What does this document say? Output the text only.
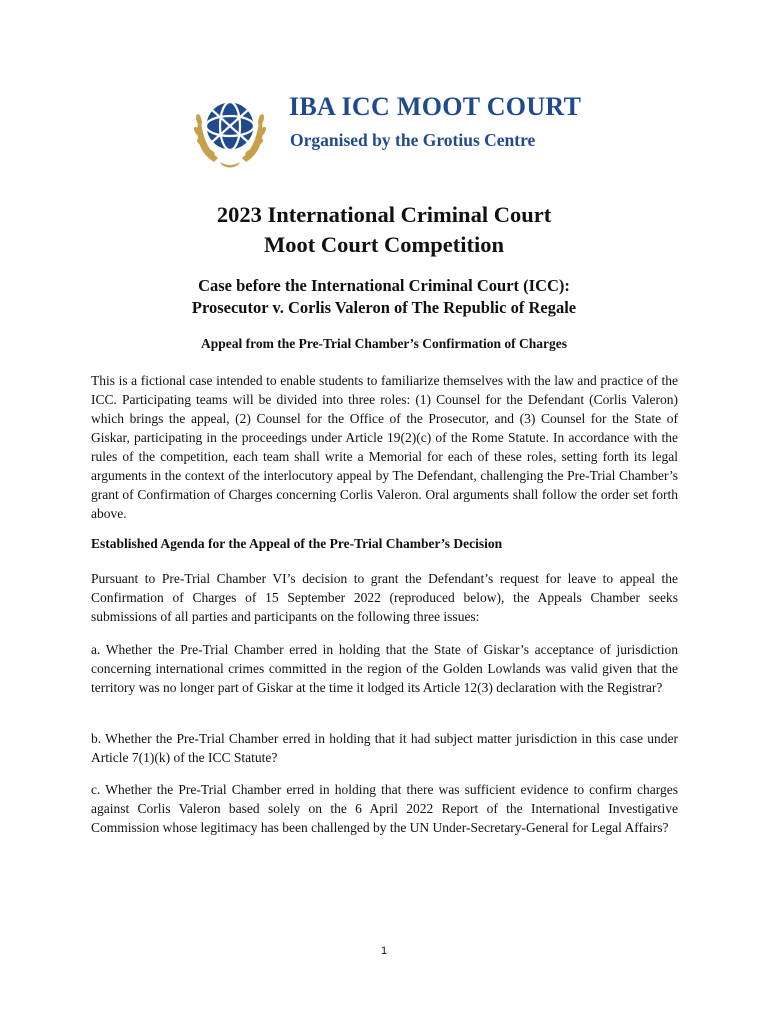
IBA ICC MOOT COURT
Organised by the Grotius Centre
2023 International Criminal Court
Moot Court Competition
Case before the International Criminal Court (ICC):
Prosecutor v. Corlis Valeron of The Republic of Regale
Appeal from the Pre-Trial Chamber’s Confirmation of Charges

This is a fictional case intended to enable students to familiarize themselves with the law and practice of the ICC. Participating teams will be divided into three roles: (1) Counsel for the Defendant (Corlis Valeron) which brings the appeal, (2) Counsel for the Office of the Prosecutor, and (3) Counsel for the State of Giskar, participating in the proceedings under Article 19(2)(c) of the Rome Statute. In accordance with the rules of the competition, each team shall write a Memorial for each of these roles, setting forth its legal arguments in the context of the interlocutory appeal by The Defendant, challenging the Pre-Trial Chamber’s grant of Confirmation of Charges concerning Corlis Valeron. Oral arguments shall follow the order set forth above.

Established Agenda for the Appeal of the Pre-Trial Chamber’s Decision

Pursuant to Pre-Trial Chamber VI’s decision to grant the Defendant’s request for leave to appeal the Confirmation of Charges of 15 September 2022 (reproduced below), the Appeals Chamber seeks submissions of all parties and participants on the following three issues:

a. Whether the Pre-Trial Chamber erred in holding that the State of Giskar’s acceptance of jurisdiction concerning international crimes committed in the region of the Golden Lowlands was valid given that the territory was no longer part of Giskar at the time it lodged its Article 12(3) declaration with the Registrar?

b. Whether the Pre-Trial Chamber erred in holding that it had subject matter jurisdiction in this case under Article 7(1)(k) of the ICC Statute?

c. Whether the Pre-Trial Chamber erred in holding that there was sufficient evidence to confirm charges against Corlis Valeron based solely on the 6 April 2022 Report of the International Investigative Commission whose legitimacy has been challenged by the UN Under-Secretary-General for Legal Affairs?

1
